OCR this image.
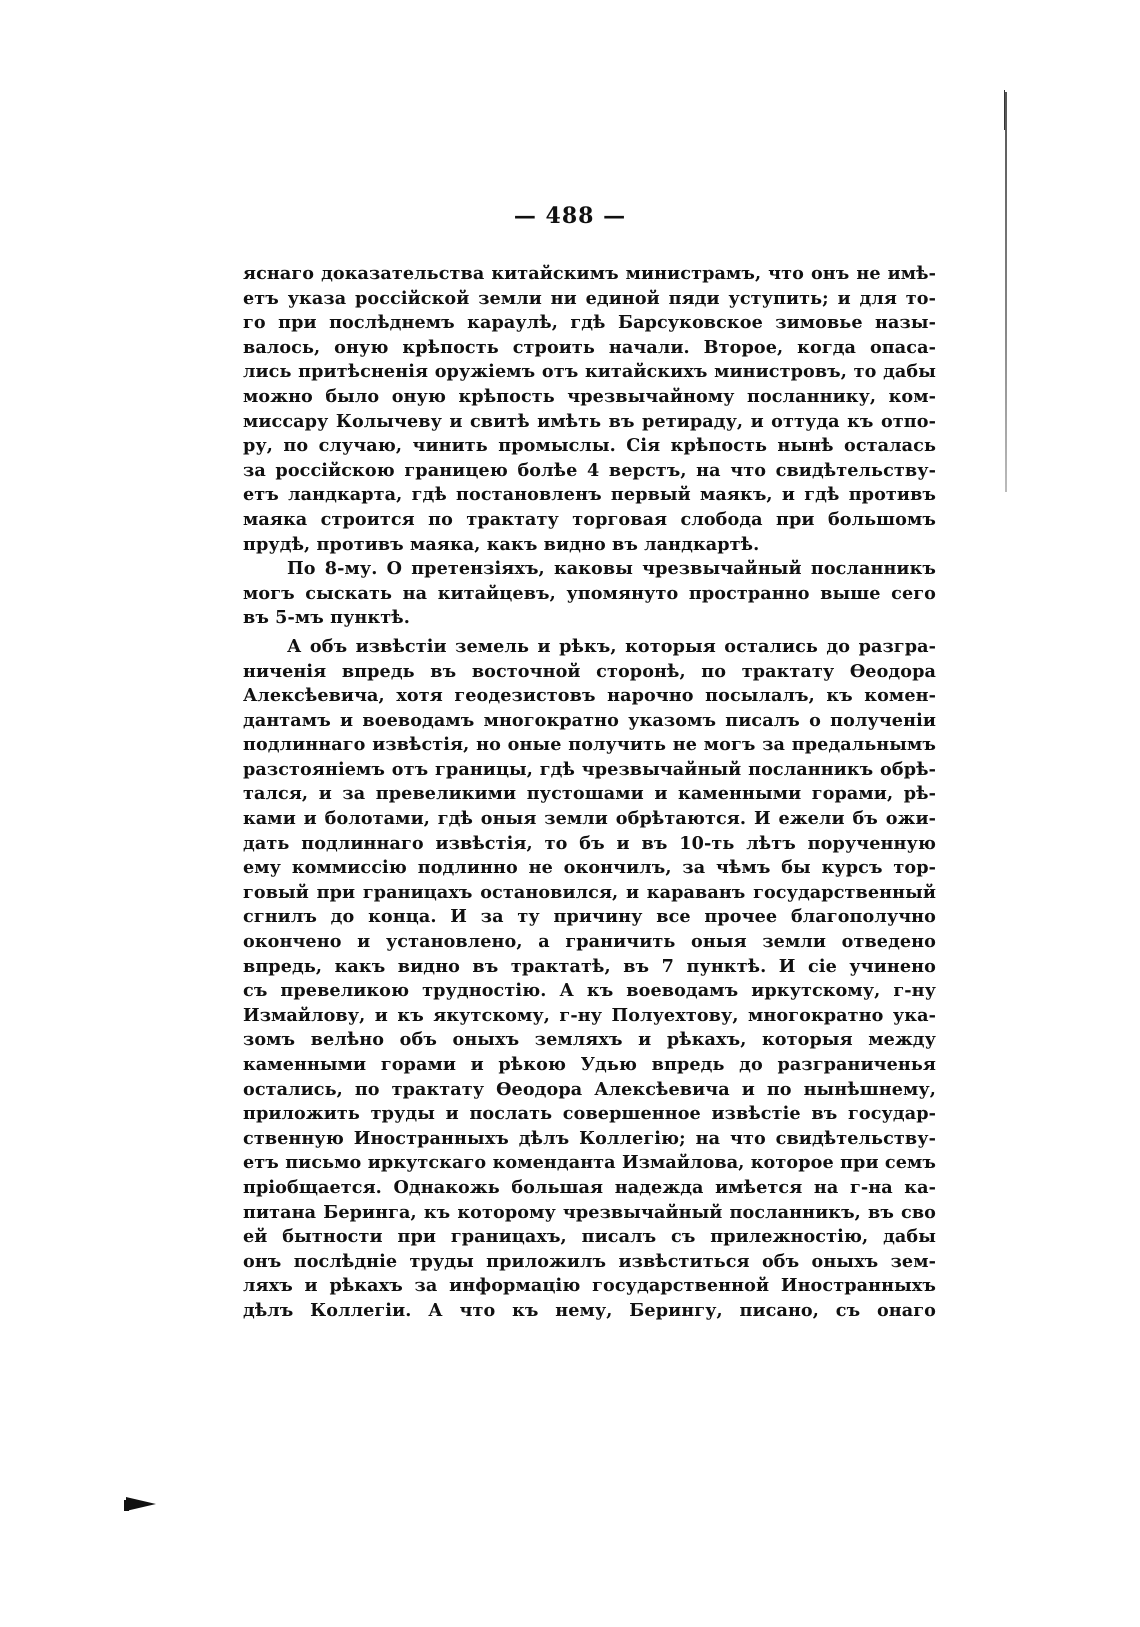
— 488 —
яснаго доказательства китайскимъ министрамъ, что онъ не имѣ-
етъ указа россійской земли ни единой пяди уступить; и для то-
го при послѣднемъ караулѣ, гдѣ Барсуковское зимовье назы-
валось, оную крѣпость строить начали. Второе, когда опаса-
лись притѣсненія оружіемъ отъ китайскихъ министровъ, то дабы
можно было оную крѣпость чрезвычайному посланнику, ком-
миссару Колычеву и свитѣ имѣть въ ретираду, и оттуда къ отпо-
ру, по случаю, чинить промыслы. Сія крѣпость нынѣ осталась
за россійскою границею болѣе 4 верстъ, на что свидѣтельству-
етъ ландкарта, гдѣ постановленъ первый маякъ, и гдѣ противъ
маяка строится по трактату торговая слобода при большомъ
прудѣ, противъ маяка, какъ видно въ ландкартѣ.
По 8-му. О претензіяхъ, каковы чрезвычайный посланникъ
могъ сыскать на китайцевъ, упомянуто пространно выше сего
въ 5-мъ пунктѣ.
А объ извѣстіи земель и рѣкъ, которыя остались до разгра-
ниченія впредь въ восточной сторонѣ, по трактату Ѳеодора
Алексѣевича, хотя геодезистовъ нарочно посылалъ, къ комен-
дантамъ и воеводамъ многократно указомъ писалъ о полученіи
подлиннаго извѣстія, но оные получить не могъ за предальнымъ
разстояніемъ отъ границы, гдѣ чрезвычайный посланникъ обрѣ-
тался, и за превеликими пустошами и каменными горами, рѣ-
ками и болотами, гдѣ оныя земли обрѣтаются. И ежели бъ ожи-
дать подлиннаго извѣстія, то бъ и въ 10-ть лѣтъ порученную
ему коммиссію подлинно не окончилъ, за чѣмъ бы курсъ тор-
говый при границахъ остановился, и караванъ государственный
сгнилъ до конца. И за ту причину все прочее благополучно
окончено и установлено, а граничить оныя земли отведено
впредь, какъ видно въ трактатѣ, въ 7 пунктѣ. И сіе учинено
съ превеликою трудностію. А къ воеводамъ иркутскому, г-ну
Измайлову, и къ якутскому, г-ну Полуехтову, многократно ука-
зомъ велѣно объ оныхъ земляхъ и рѣкахъ, которыя между
каменными горами и рѣкою Удью впредь до разграниченья
остались, по трактату Ѳеодора Алексѣевича и по нынѣшнему,
приложить труды и послать совершенное извѣстіе въ государ-
ственную Иностранныхъ дѣлъ Коллегію; на что свидѣтельству-
етъ письмо иркутскаго коменданта Измайлова, которое при семъ
пріобщается. Однакожь большая надежда имѣется на г-на ка-
питана Беринга, къ которому чрезвычайный посланникъ, въ сво
ей бытности при границахъ, писалъ съ прилежностію, дабы
онъ послѣдніе труды приложилъ извѣститься объ оныхъ зем-
ляхъ и рѣкахъ за информацію государственной Иностранныхъ
дѣлъ Коллегіи. А что къ нему, Берингу, писано, съ онаго
